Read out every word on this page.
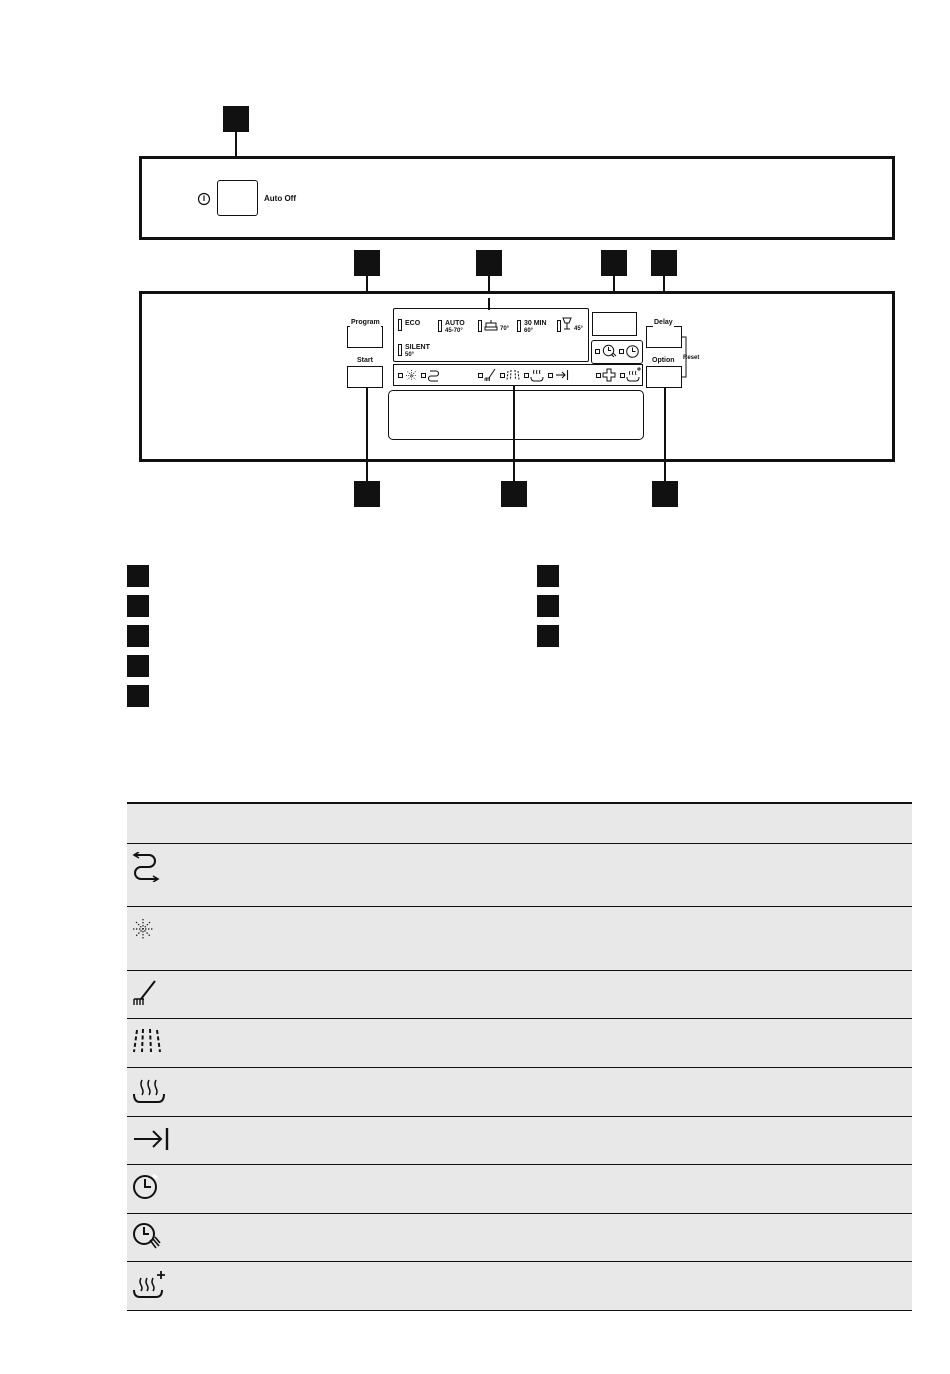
Auto Off
Program
Start
ECO	AUTO
45-70°	70°
30 MIN
60°	45°
SILENT
50°
Delay
Option Reset
